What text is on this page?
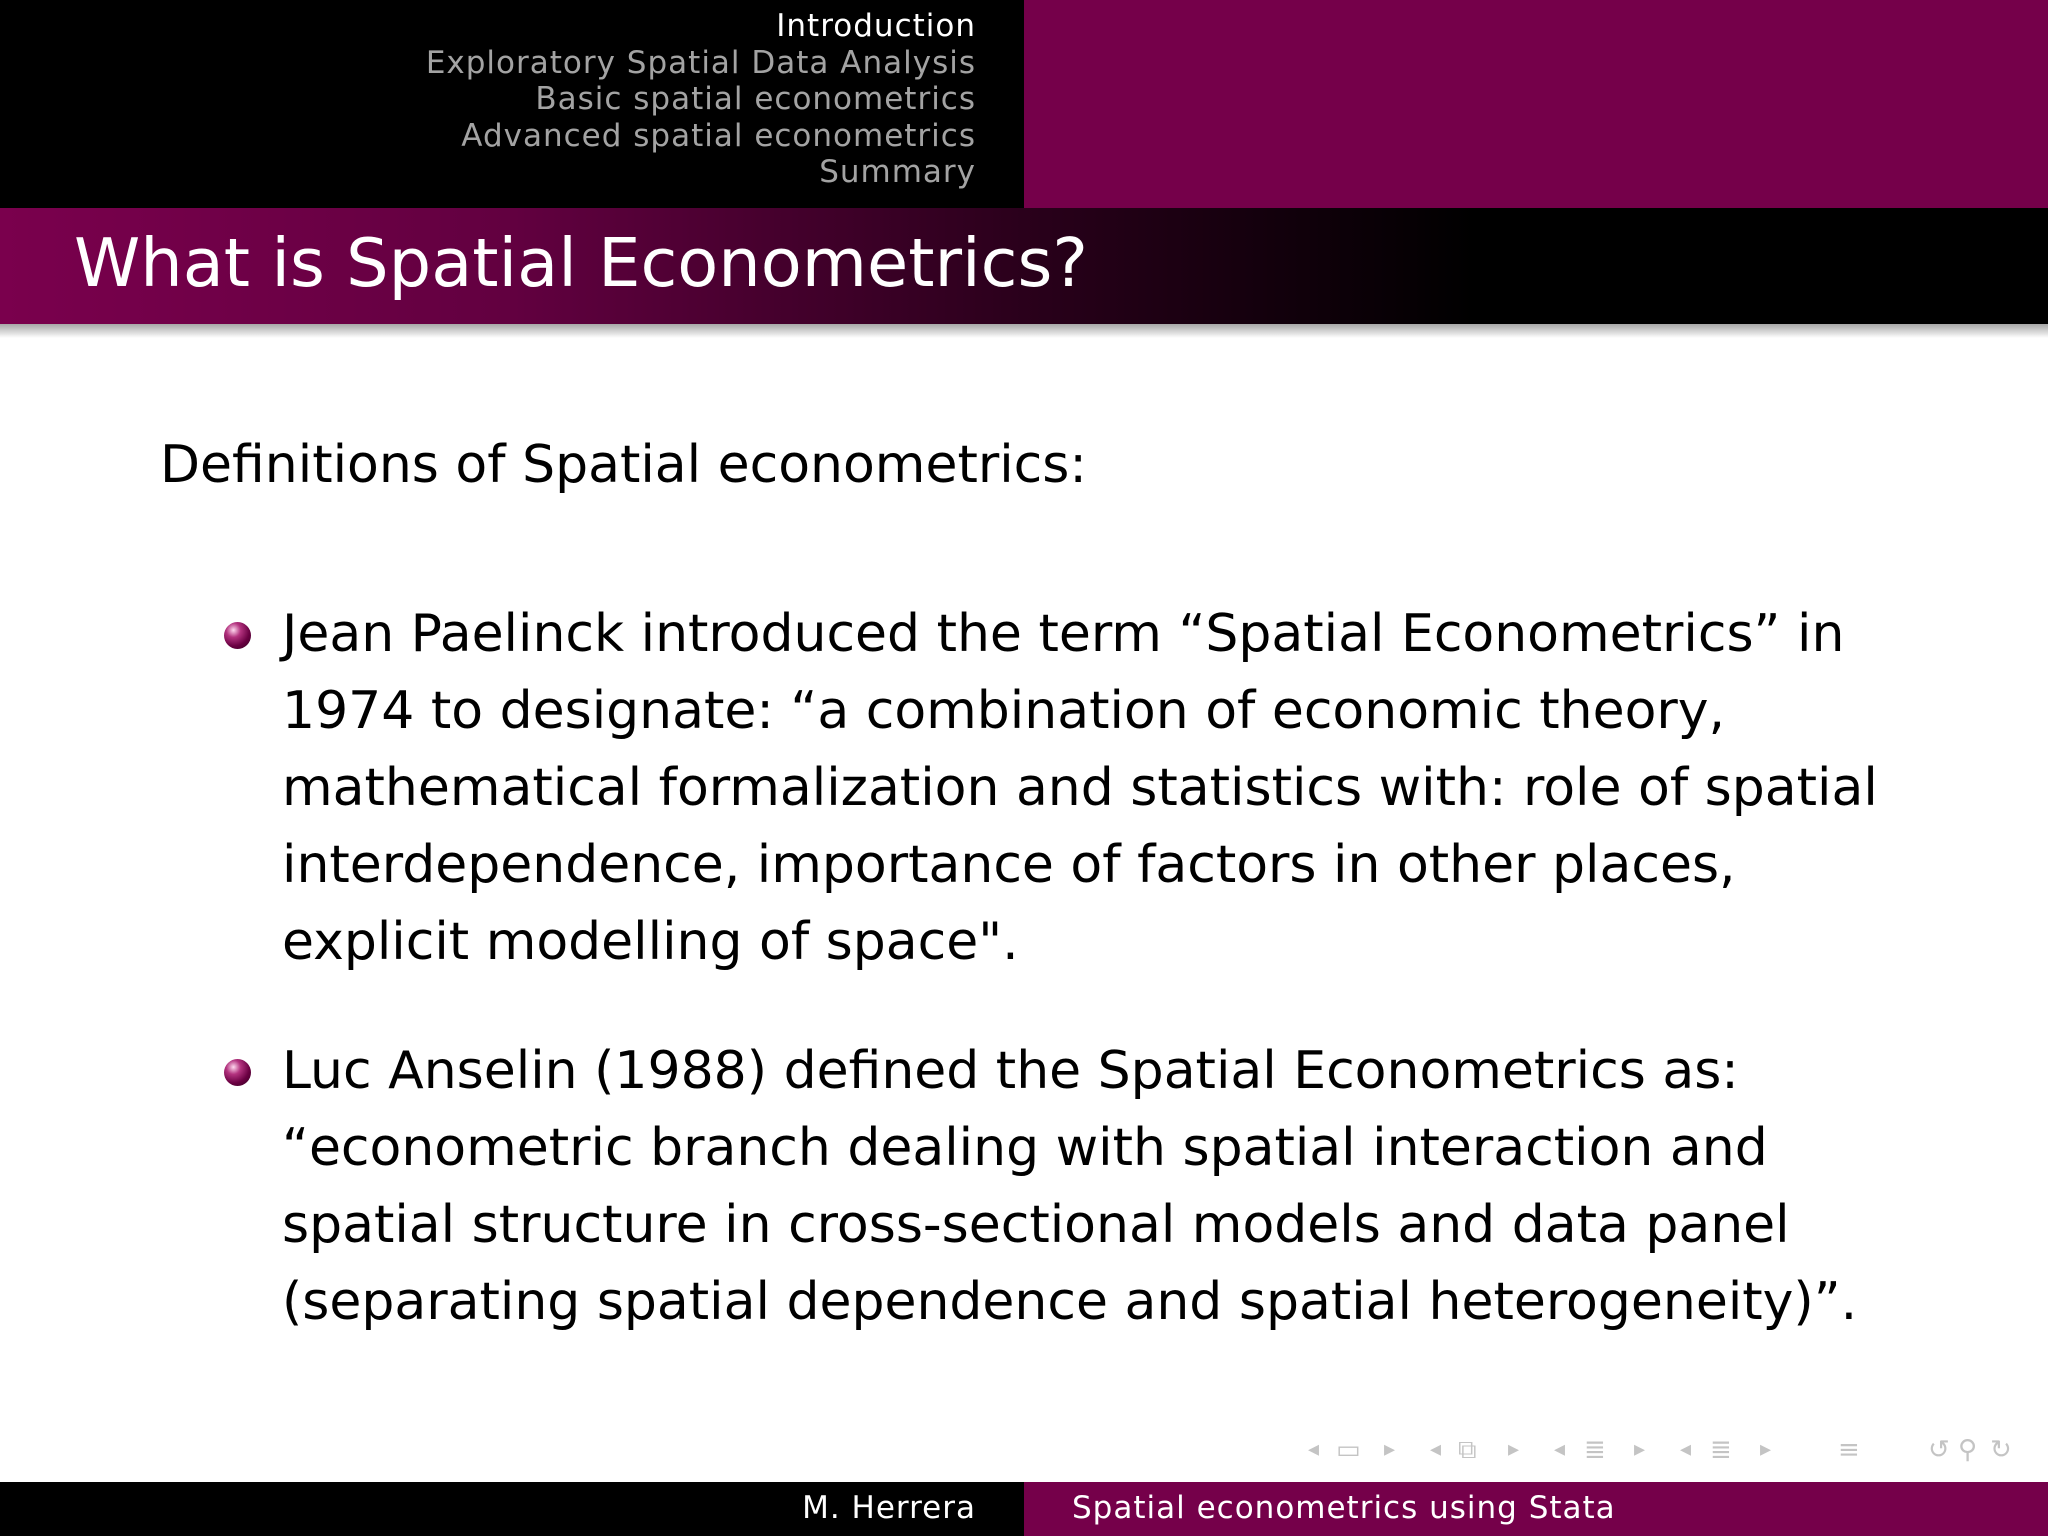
Introduction
Exploratory Spatial Data Analysis
Basic spatial econometrics
Advanced spatial econometrics
Summary
What is Spatial Econometrics?

Definitions of Spatial econometrics:

Jean Paelinck introduced the term “Spatial Econometrics” in 1974 to designate: “a combination of economic theory, mathematical formalization and statistics with: role of spatial interdependence, importance of factors in other places, explicit modelling of space".
Luc Anselin (1988) defined the Spatial Econometrics as: “econometric branch dealing with spatial interaction and spatial structure in cross-sectional models and data panel (separating spatial dependence and spatial heterogeneity)”.
◂ ▭ ▸ ◂ ⧉ ▸ ◂ ≣ ▸ ◂ ≣ ▸	≡	↺ ⚲ ↻
M. Herrera	Spatial econometrics using Stata
